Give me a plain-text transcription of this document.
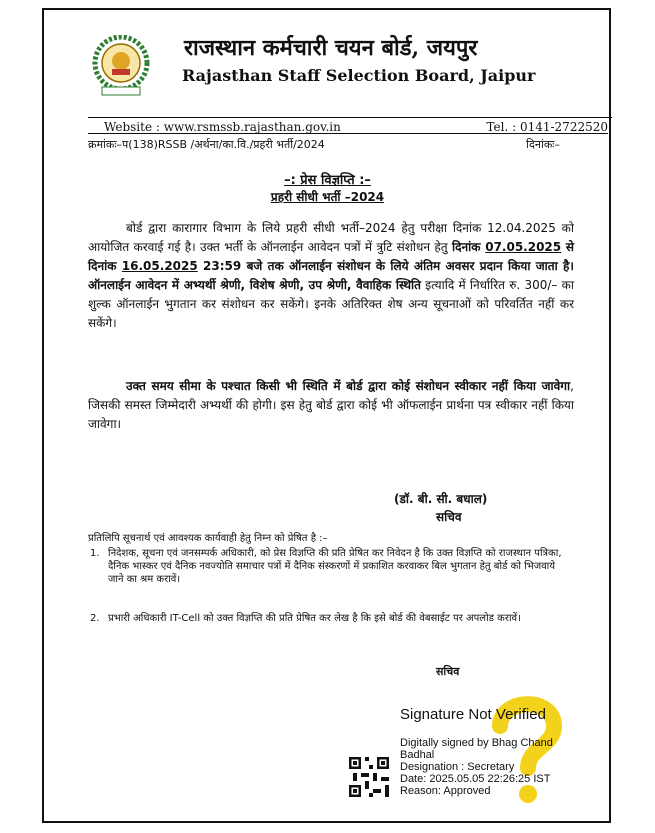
राजस्थान कर्मचारी चयन बोर्ड, जयपुर
Rajasthan Staff Selection Board, Jaipur
Website : www.rsmssb.rajasthan.gov.in	Tel. : 0141-2722520
क्रमांकः–प(138)RSSB /अर्थना/का.वि./प्रहरी भर्ती/2024	दिनांकः–
–: प्रेस विज्ञप्ति :–
प्रहरी सीधी भर्ती –2024
बोर्ड द्वारा कारागार विभाग के लिये प्रहरी सीधी भर्ती–2024 हेतु परीक्षा दिनांक 12.04.2025 को आयोजित करवाई गई है। उक्त भर्ती के ऑनलाईन आवेदन पत्रों में त्रुटि संशोधन हेतु दिनांक 07.05.2025 से दिनांक 16.05.2025 23:59 बजे तक ऑनलाईन संशोधन के लिये अंतिम अवसर प्रदान किया जाता है। ऑनलाईन आवेदन में अभ्यर्थी श्रेणी, विशेष श्रेणी, उप श्रेणी, वैवाहिक स्थिति इत्यादि में निर्धारित रु. 300/– का शुल्क ऑनलाईन भुगतान कर संशोधन कर सकेंगे। इनके अतिरिक्त शेष अन्य सूचनाओं को परिवर्तित नहीं कर सकेंगे।
उक्त समय सीमा के पश्चात किसी भी स्थिति में बोर्ड द्वारा कोई संशोधन स्वीकार नहीं किया जावेगा, जिसकी समस्त जिम्मेदारी अभ्यर्थी की होगी। इस हेतु बोर्ड द्वारा कोई भी ऑफलाईन प्रार्थना पत्र स्वीकार नहीं किया जावेगा।
(डॉ. बी. सी. बधाल)
सचिव
प्रतिलिपि सूचनार्थ एवं आवश्यक कार्यवाही हेतु निम्न को प्रेषित है :–
1. निदेशक, सूचना एवं जनसम्पर्क अधिकारी, को प्रेस विज्ञप्ति की प्रति प्रेषित कर निवेदन है कि उक्त विज्ञप्ति को राजस्थान पत्रिका, दैनिक भास्कर एवं दैनिक नवज्योति समाचार पत्रों में दैनिक संस्करणों में प्रकाशित करवाकर बिल भुगतान हेतु बोर्ड को भिजवाये जाने का श्रम करावें।
2. प्रभारी अधिकारी IT-Cell को उक्त विज्ञप्ति की प्रति प्रेषित कर लेख है कि इसे बोर्ड की वेबसाईट पर अपलोड करावें।
सचिव
Signature Not Verified
Digitally signed by Bhag Chand
Badhal
Designation : Secretary
Date: 2025.05.05 22:26:25 IST
Reason: Approved
